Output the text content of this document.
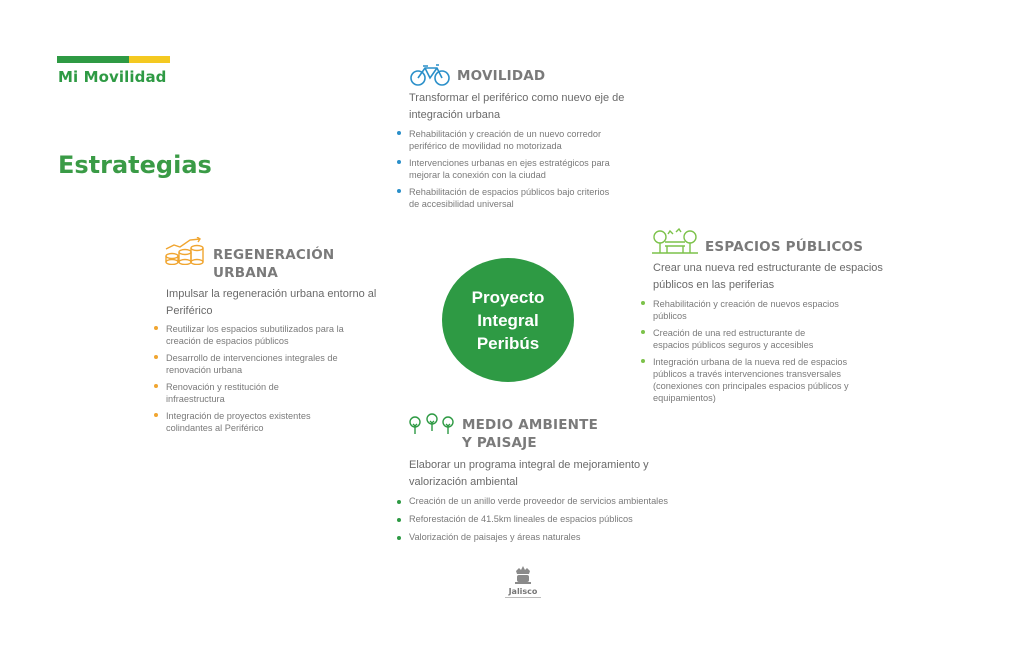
Mi Movilidad
Estrategias
MOVILIDAD
Transformar el periférico como nuevo eje de integración urbana
Rehabilitación y creación de un nuevo corredor periférico de movilidad no motorizada
Intervenciones urbanas en ejes estratégicos para mejorar la conexión con la ciudad
Rehabilitación de espacios públicos bajo criterios de accesibilidad universal
REGENERACIÓN URBANA
Impulsar la regeneración urbana entorno al Periférico
Reutilizar los espacios subutilizados para la creación de espacios públicos
Desarrollo de intervenciones integrales de renovación urbana
Renovación y restitución de infraestructura
Integración de proyectos existentes colindantes al Periférico
Proyecto
Integral
Peribús
ESPACIOS PÚBLICOS
Crear una nueva red estructurante de espacios públicos en las periferias
Rehabilitación y creación de nuevos espacios públicos
Creación de una red estructurante de espacios públicos seguros y accesibles
Integración urbana de la nueva red de espacios públicos a través intervenciones transversales (conexiones con principales espacios públicos y equipamientos)
MEDIO AMBIENTE Y PAISAJE
Elaborar un programa integral de mejoramiento y valorización ambiental
Creación de un anillo verde proveedor de servicios ambientales
Reforestación de 41.5km lineales de espacios públicos
Valorización de paisajes y áreas naturales
Jalisco
